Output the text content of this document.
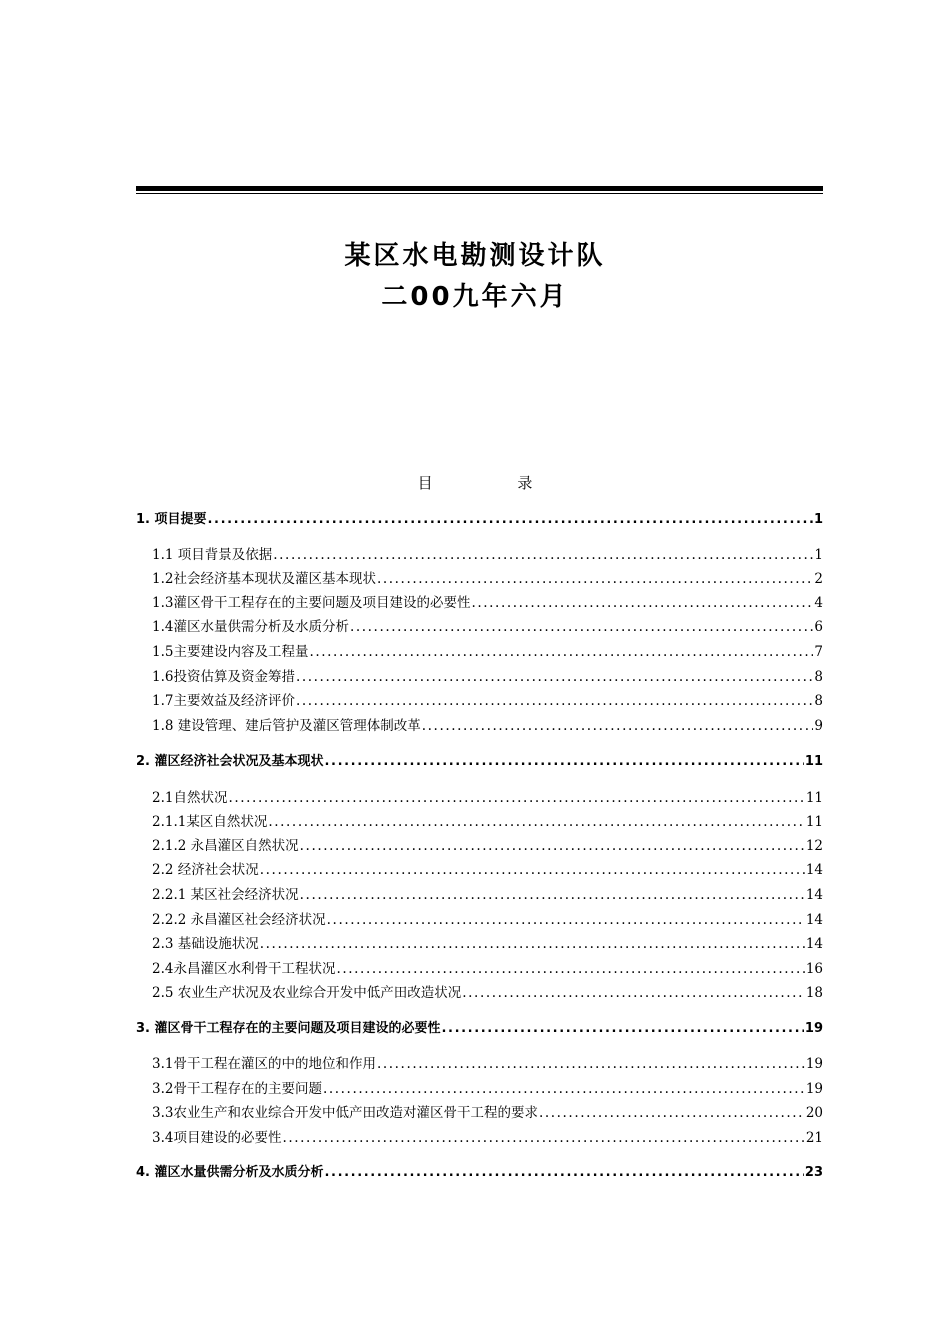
某区水电勘测设计队
二00九年六月
目 录
1. 项目提要 .....	1
1.1 项目背景及依据 .....	1
1.2社会经济基本现状及灌区基本现状 .....	2
1.3灌区骨干工程存在的主要问题及项目建设的必要性 .....	4
1.4灌区水量供需分析及水质分析 .....	6
1.5主要建设内容及工程量 .....	7
1.6投资估算及资金筹措 .....	8
1.7主要效益及经济评价 .....	8
1.8 建设管理、建后管护及灌区管理体制改革 .....	9
2. 灌区经济社会状况及基本现状 .....	11
2.1自然状况 .....	11
2.1.1某区自然状况 .....	11
2.1.2 永昌灌区自然状况 .....	12
2.2 经济社会状况 .....	14
2.2.1 某区社会经济状况 .....	14
2.2.2 永昌灌区社会经济状况 .....	14
2.3 基础设施状况 .....	14
2.4永昌灌区水利骨干工程状况 .....	16
2.5 农业生产状况及农业综合开发中低产田改造状况 .....	18
3. 灌区骨干工程存在的主要问题及项目建设的必要性 .....	19
3.1骨干工程在灌区的中的地位和作用 .....	19
3.2骨干工程存在的主要问题 .....	19
3.3农业生产和农业综合开发中低产田改造对灌区骨干工程的要求 .....	20
3.4项目建设的必要性 .....	21
4. 灌区水量供需分析及水质分析 .....	23
